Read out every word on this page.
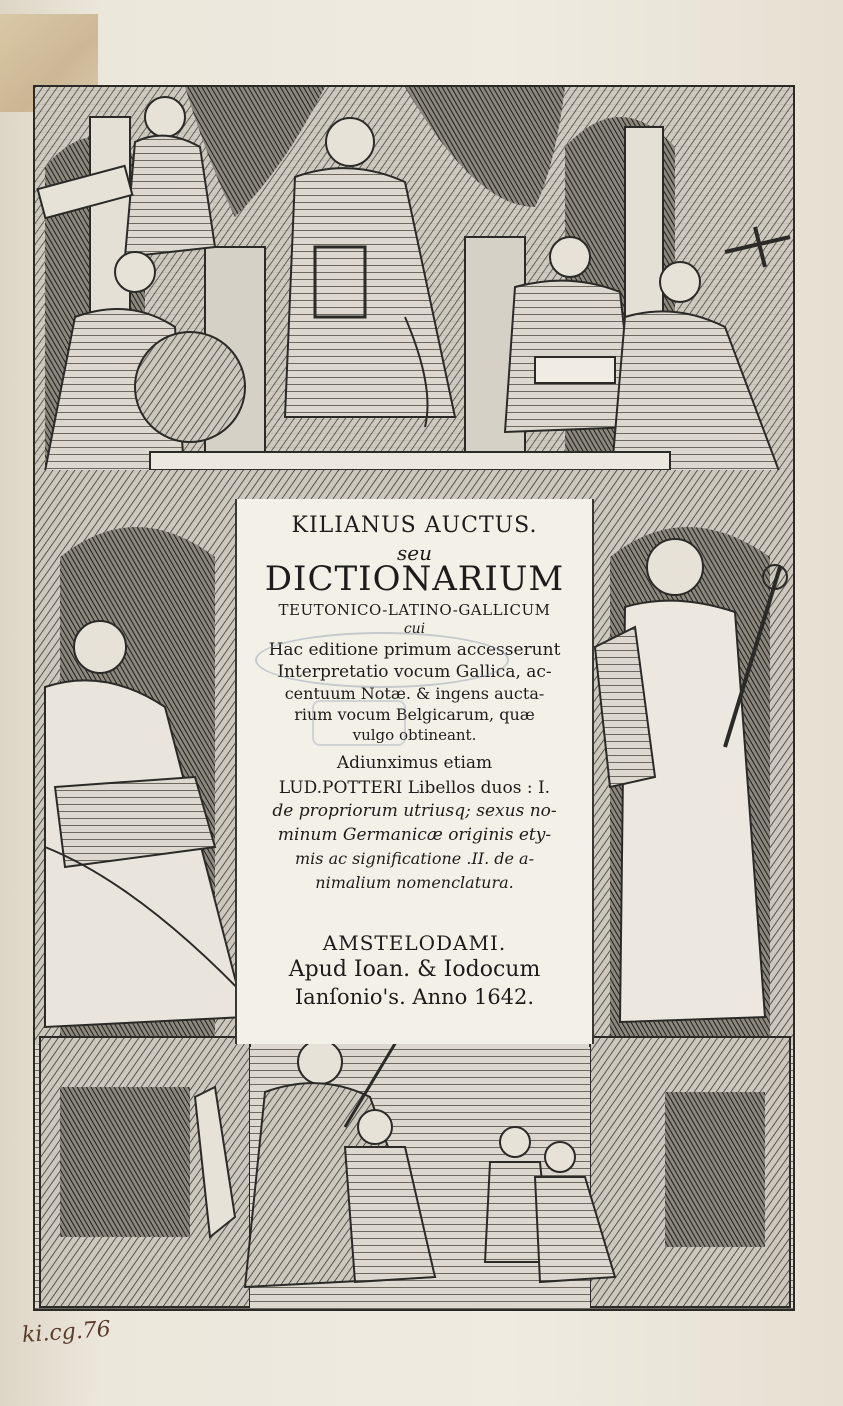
KILIANUS AUCTUS.
seu
DICTIONARIUM
TEUTONICO-LATINO-GALLICUM
cui
Hac editione primum accesserunt
Interpretatio vocum Gallica, ac-
centuum Notæ. & ingens aucta-
rium vocum Belgicarum, quæ
vulgo obtineant.
Adiunximus etiam
LUD.POTTERI Libellos duos : I.
de propriorum utriusq; sexus no-
minum Germanicæ originis ety-
mis ac significatione .II. de a-
nimalium nomenclatura.
AMSTELODAMI.
Apud Ioan. & Iodocum
Ianſonio's. Anno 1642.
ki.cg.76
